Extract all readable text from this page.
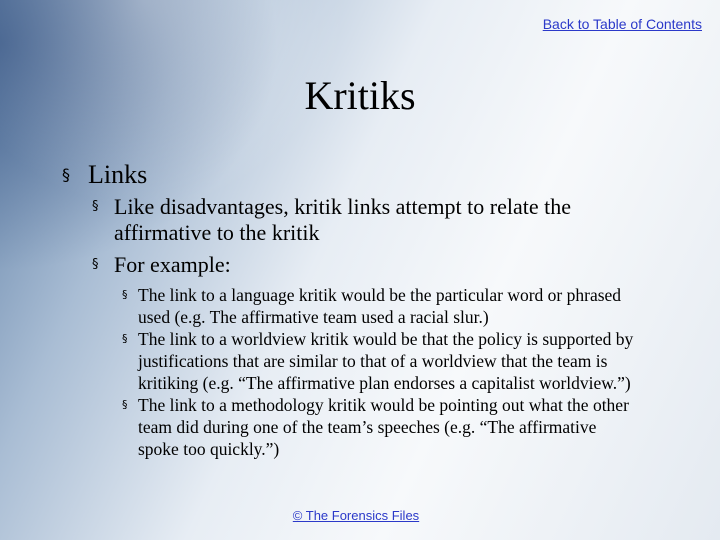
Back to Table of Contents
Kritiks
§ Links
§ Like disadvantages, kritik links attempt to relate the affirmative to the kritik
§ For example:
§ The link to a language kritik would be the particular word or phrased used (e.g. The affirmative team used a racial slur.)
§ The link to a worldview kritik would be that the policy is supported by justifications that are similar to that of a worldview that the team is kritiking (e.g. “The affirmative plan endorses a capitalist worldview.”)
§ The link to a methodology kritik would be pointing out what the other team did during one of the team’s speeches (e.g. “The affirmative spoke too quickly.”)
© The Forensics Files
